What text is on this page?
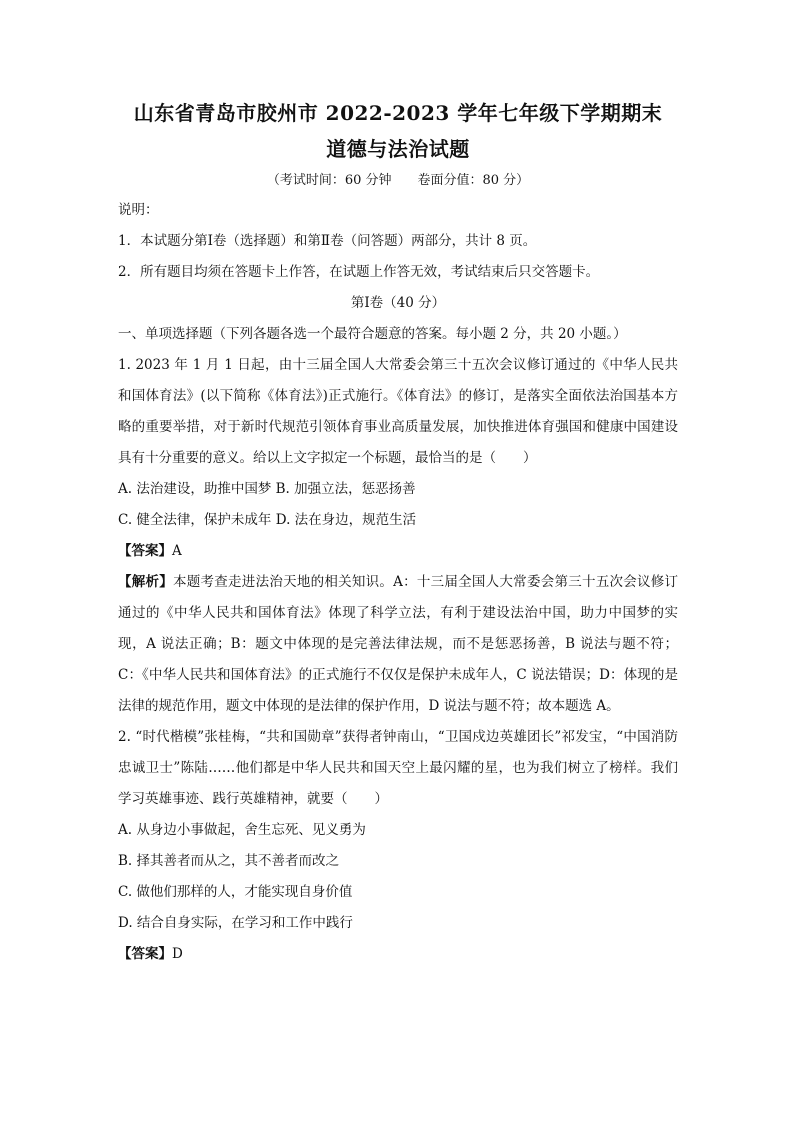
山东省青岛市胶州市 2022-2023 学年七年级下学期期末
道德与法治试题
（考试时间：60 分钟　　卷面分值：80 分）
说明：
1．本试题分第Ⅰ卷（选择题）和第Ⅱ卷（问答题）两部分，共计 8 页。
2．所有题目均须在答题卡上作答，在试题上作答无效，考试结束后只交答题卡。
第Ⅰ卷（40 分）
一、单项选择题（下列各题各选一个最符合题意的答案。每小题 2 分，共 20 小题。）
1. 2023 年 1 月 1 日起，由十三届全国人大常委会第三十五次会议修订通过的《中华人民共和国体育法》(以下简称《体育法》)正式施行。《体育法》的修订，是落实全面依法治国基本方略的重要举措，对于新时代规范引领体育事业高质量发展，加快推进体育强国和健康中国建设具有十分重要的意义。给以上文字拟定一个标题，最恰当的是（　　）
A. 法治建设，助推中国梦 B. 加强立法，惩恶扬善
C. 健全法律，保护未成年 D. 法在身边，规范生活
【答案】A
【解析】本题考查走进法治天地的相关知识。A：十三届全国人大常委会第三十五次会议修订通过的《中华人民共和国体育法》体现了科学立法，有利于建设法治中国，助力中国梦的实现，A 说法正确；B：题文中体现的是完善法律法规，而不是惩恶扬善，B 说法与题不符；C：《中华人民共和国体育法》的正式施行不仅仅是保护未成年人，C 说法错误；D：体现的是法律的规范作用，题文中体现的是法律的保护作用，D 说法与题不符；故本题选 A。
2. “时代楷模”张桂梅，“共和国勋章”获得者钟南山，“卫国戍边英雄团长”祁发宝，“中国消防忠诚卫士”陈陆……他们都是中华人民共和国天空上最闪耀的星，也为我们树立了榜样。我们学习英雄事迹、践行英雄精神，就要（　　）
A. 从身边小事做起，舍生忘死、见义勇为
B. 择其善者而从之，其不善者而改之
C. 做他们那样的人，才能实现自身价值
D. 结合自身实际，在学习和工作中践行
【答案】D
